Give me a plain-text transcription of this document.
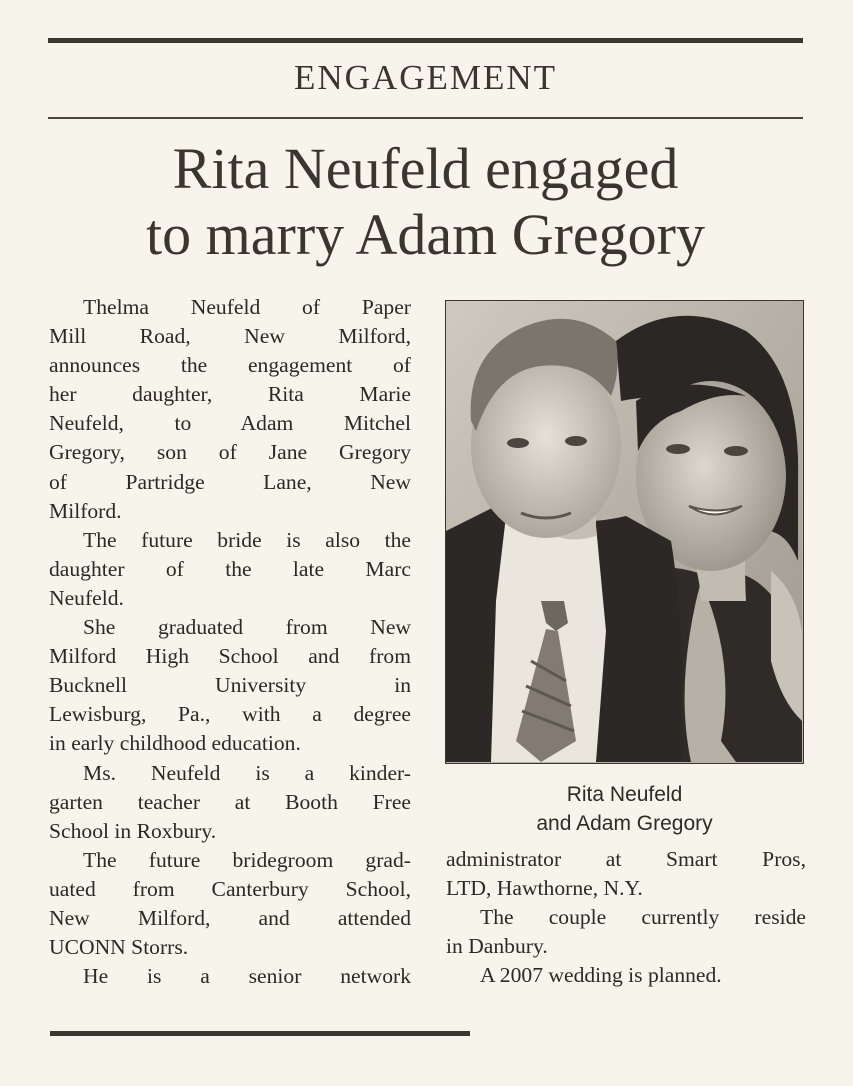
ENGAGEMENT
Rita Neufeld engaged
to marry Adam Gregory
Thelma Neufeld of Paper
Mill Road, New Milford,
announces the engagement of
her daughter, Rita Marie
Neufeld, to Adam Mitchel
Gregory, son of Jane Gregory
of Partridge Lane, New
Milford.
The future bride is also the
daughter of the late Marc
Neufeld.
She graduated from New
Milford High School and from
Bucknell University in
Lewisburg, Pa., with a degree
in early childhood education.
Ms. Neufeld is a kinder-
garten teacher at Booth Free
School in Roxbury.
The future bridegroom grad-
uated from Canterbury School,
New Milford, and attended
UCONN Storrs.
He is a senior network
Rita Neufeld
and Adam Gregory
administrator at Smart Pros,
LTD, Hawthorne, N.Y.
The couple currently reside
in Danbury.
A 2007 wedding is planned.
